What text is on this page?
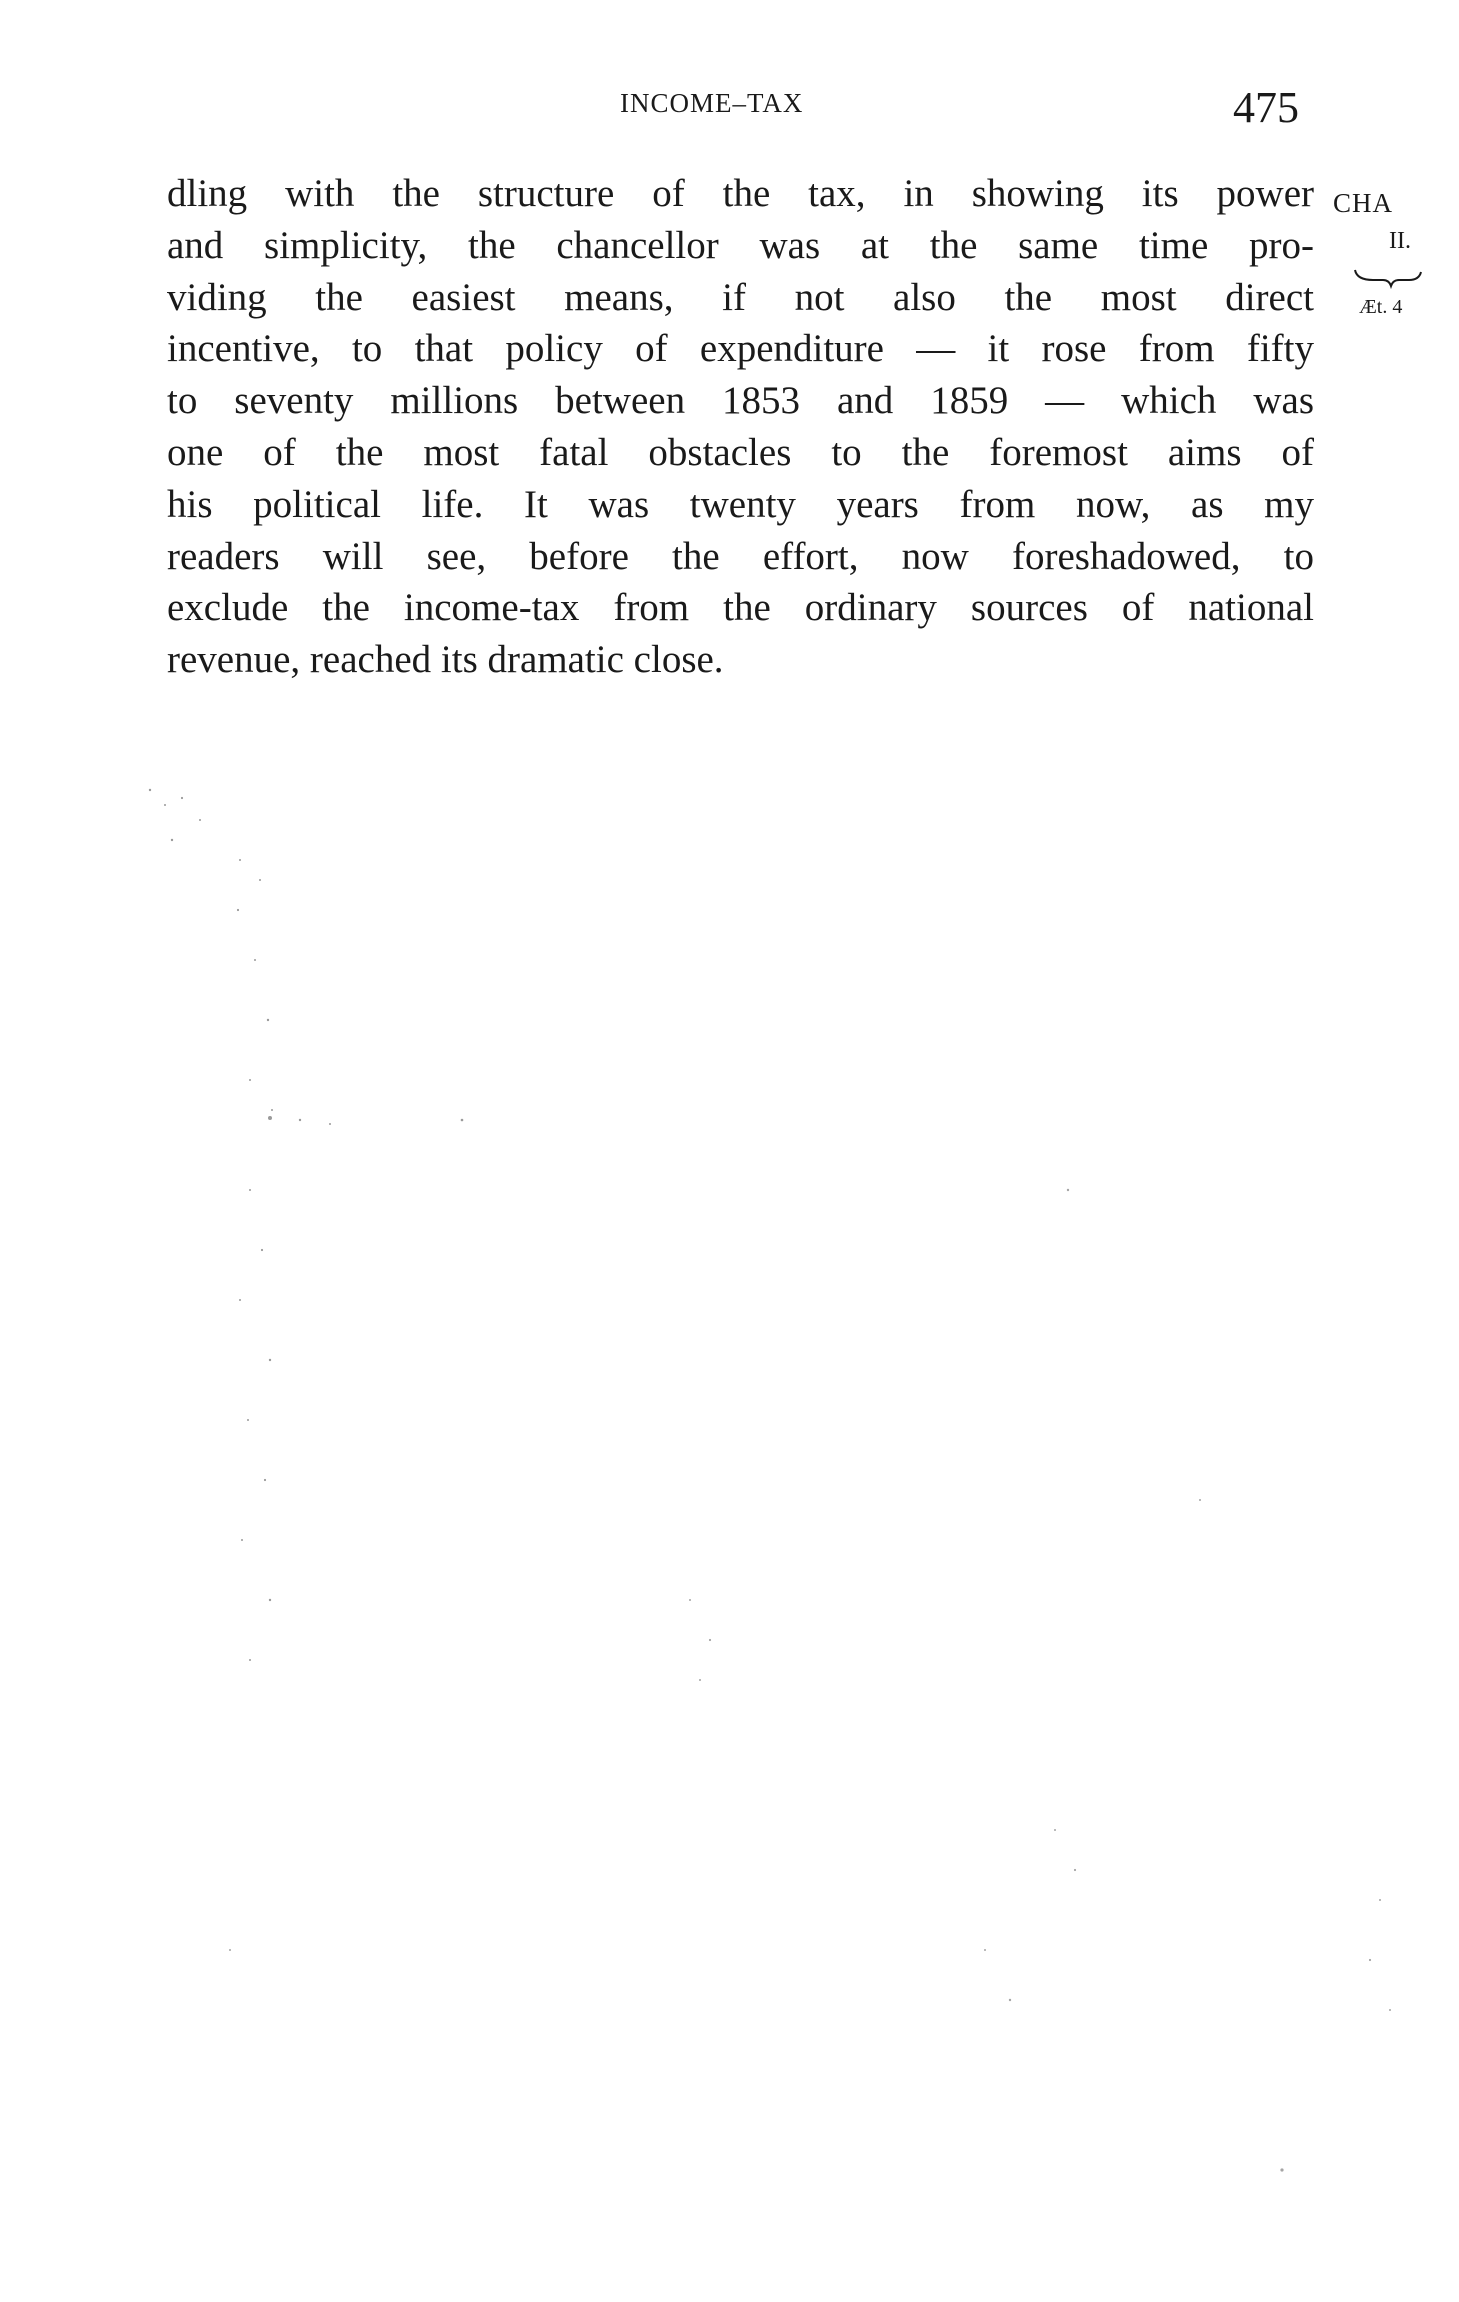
INCOME–TAX	475
CHA
II.
Æt. 4
dling with the structure of the tax, in showing its power
and simplicity, the chancellor was at the same time pro-
viding the easiest means, if not also the most direct
incentive, to that policy of expenditure — it rose from fifty
to seventy millions between 1853 and 1859 — which was
one of the most fatal obstacles to the foremost aims of
his political life. It was twenty years from now, as my
readers will see, before the effort, now foreshadowed, to
exclude the income-tax from the ordinary sources of national
revenue, reached its dramatic close.
